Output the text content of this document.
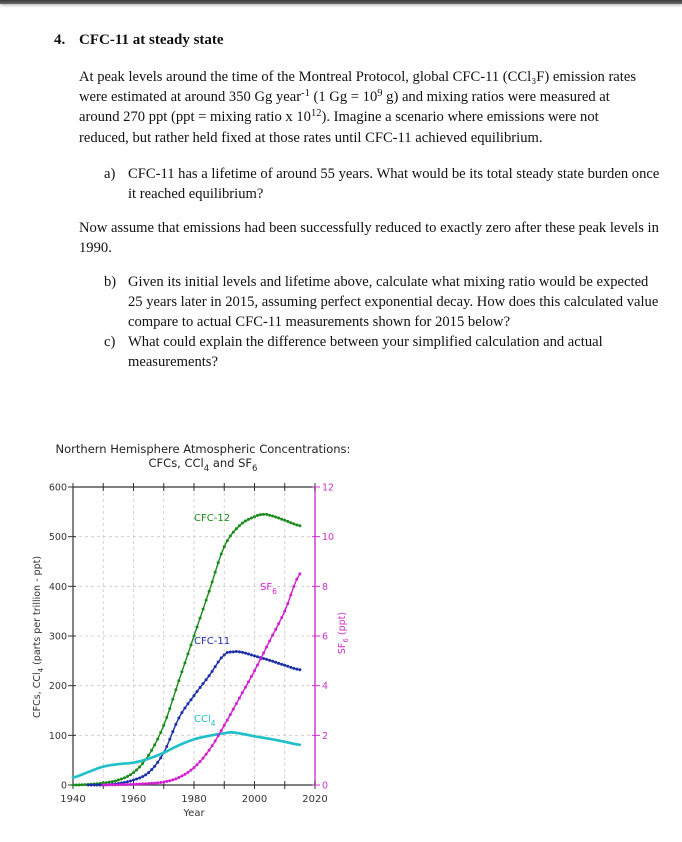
4. CFC-11 at steady state
At peak levels around the time of the Montreal Protocol, global CFC-11 (CCl₃F) emission rates
were estimated at around 350 Gg year$^{-1}$ (1 $Gg = 10^9$ g) and mixing ratios were measured at
around 270 ppt (ppt = mixing ratio x $10^{12}$). Imagine a scenario where emissions were not
reduced, but rather held fixed at those rates until CFC-11 achieved equilibrium.
a) CFC-11 has a lifetime of around 55 years. What would be its total steady state burden once it reached equilibrium?
Now assume that emissions had been successfully reduced to exactly zero after these peak levels in 1990.
b) Given its initial levels and lifetime above, calculate what mixing ratio would be expected 25 years later in 2015, assuming perfect exponential decay. How does this calculated value compare to actual CFC-11 measurements shown for 2015 below?
c) What could explain the difference between your simplified calculation and actual measurements?
Northern Hemisphere Atmospheric Concentrations:
CFCs, CCl$_4$ and $SF_6$
1940	1960	1980	2000	2020
0
100
200
300
400
500
600
0
2
4
6
8
10
12
CFC-12
CFC-11
CCl$_4$
$SF_6$
Year
CFCs, CCl$_4$ (parts per trillion - ppt)	$SF_6$ (ppt)
